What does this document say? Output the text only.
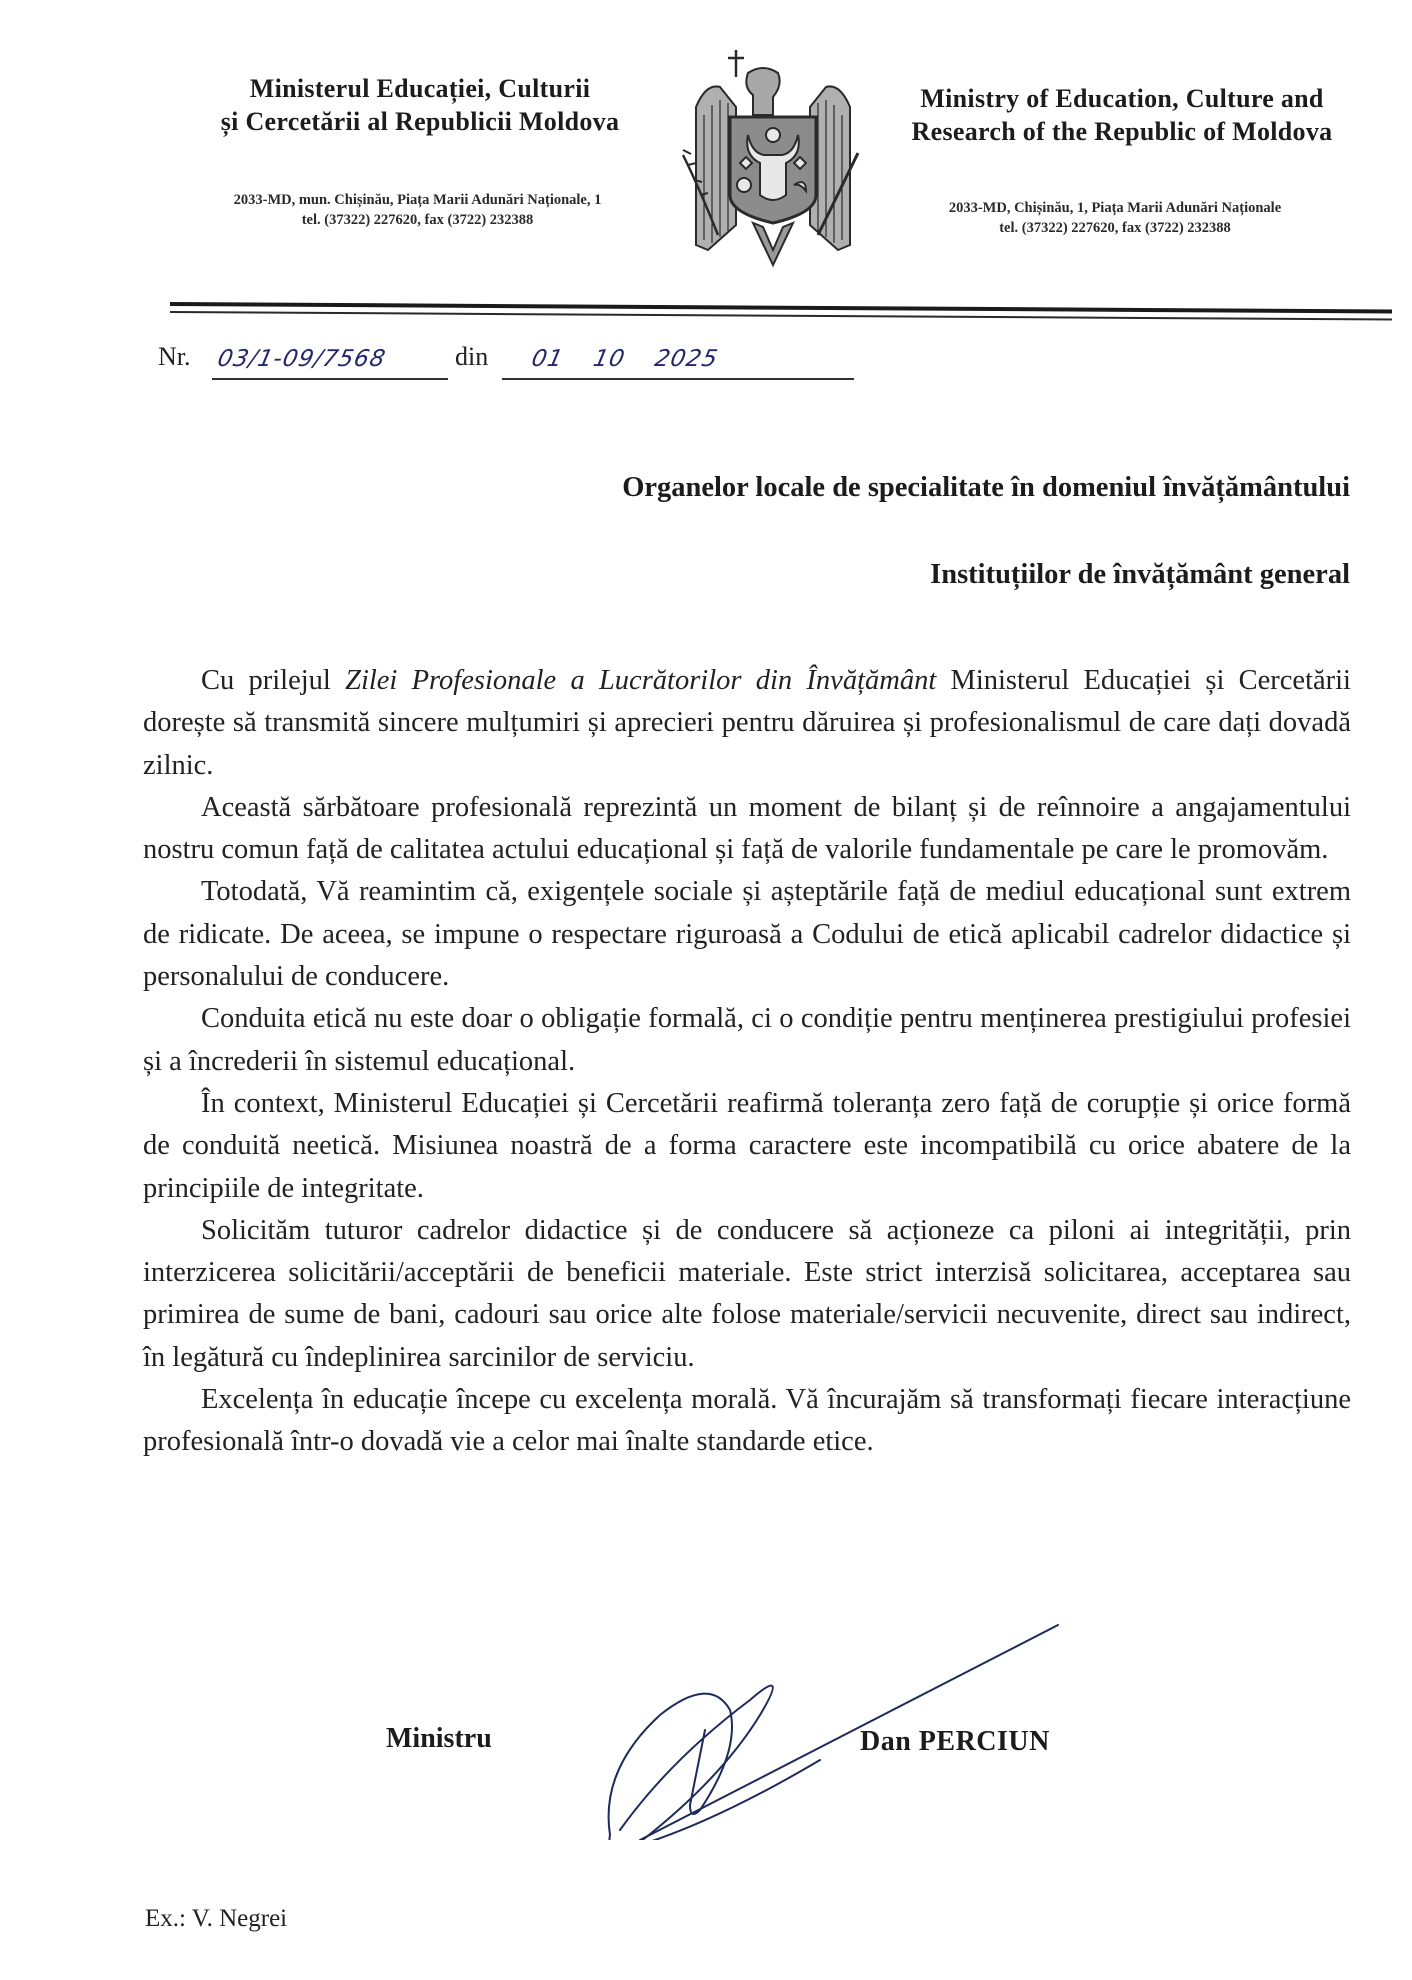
Ministerul Educației, Culturii
și Cercetării al Republicii Moldova
2033-MD, mun. Chișinău, Piața Marii Adunări Naționale, 1
tel. (37322) 227620, fax (3722) 232388
Ministry of Education, Culture and
Research of the Republic of Moldova
2033-MD, Chișinău, 1, Piața Marii Adunări Naționale
tel. (37322) 227620, fax (3722) 232388
Nr. 03/1-09/7568	din 01 10 2025
Organelor locale de specialitate în domeniul învățământului
Instituțiilor de învățământ general

Cu prilejul Zilei Profesionale a Lucrătorilor din Învățământ Ministerul Educației și Cercetării dorește să transmită sincere mulțumiri și aprecieri pentru dăruirea și profesionalismul de care dați dovadă zilnic.

Această sărbătoare profesională reprezintă un moment de bilanț și de reînnoire a angajamentului nostru comun față de calitatea actului educațional și față de valorile fundamentale pe care le promovăm.

Totodată, Vă reamintim că, exigențele sociale și așteptările față de mediul educațional sunt extrem de ridicate. De aceea, se impune o respectare riguroasă a Codului de etică aplicabil cadrelor didactice și personalului de conducere.

Conduita etică nu este doar o obligație formală, ci o condiție pentru menținerea prestigiului profesiei și a încrederii în sistemul educațional.

În context, Ministerul Educației și Cercetării reafirmă toleranța zero față de corupție și orice formă de conduită neetică. Misiunea noastră de a forma caractere este incompatibilă cu orice abatere de la principiile de integritate.

Solicităm tuturor cadrelor didactice și de conducere să acționeze ca piloni ai integrității, prin interzicerea solicitării/acceptării de beneficii materiale. Este strict interzisă solicitarea, acceptarea sau primirea de sume de bani, cadouri sau orice alte folose materiale/servicii necuvenite, direct sau indirect, în legătură cu îndeplinirea sarcinilor de serviciu.

Excelența în educație începe cu excelența morală. Vă încurajăm să transformați fiecare interacțiune profesională într-o dovadă vie a celor mai înalte standarde etice.

Ministru	Dan PERCIUN
Ex.: V. Negrei
